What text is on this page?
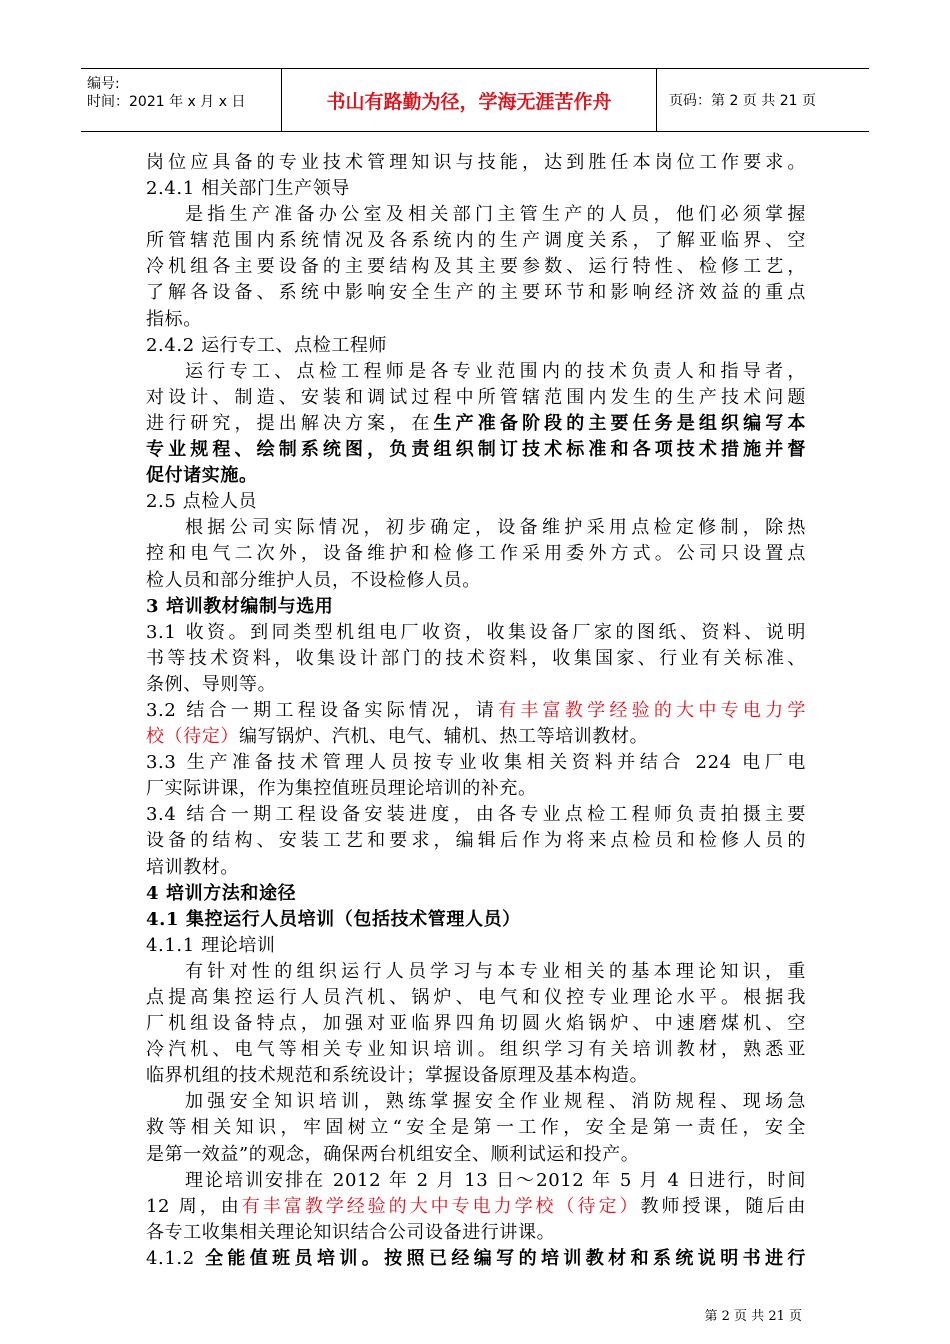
编号:
时间：2021 年 x 月 x 日	书山有路勤为径，学海无涯苦作舟	页码：第 2 页 共 21 页
岗位应具备的专业技术管理知识与技能，达到胜任本岗位工作要求。
2.4.1 相关部门生产领导
是指生产准备办公室及相关部门主管生产的人员，他们必须掌握
所管辖范围内系统情况及各系统内的生产调度关系，了解亚临界、空
冷机组各主要设备的主要结构及其主要参数、运行特性、检修工艺，
了解各设备、系统中影响安全生产的主要环节和影响经济效益的重点
指标。
2.4.2 运行专工、点检工程师
运行专工、点检工程师是各专业范围内的技术负责人和指导者，
对设计、制造、安装和调试过程中所管辖范围内发生的生产技术问题
进行研究，提出解决方案，在生产准备阶段的主要任务是组织编写本
专业规程、绘制系统图，负责组织制订技术标准和各项技术措施并督
促付诸实施。
2.5 点检人员
根据公司实际情况，初步确定，设备维护采用点检定修制，除热
控和电气二次外，设备维护和检修工作采用委外方式。公司只设置点
检人员和部分维护人员，不设检修人员。
3 培训教材编制与选用
3.1 收资。到同类型机组电厂收资，收集设备厂家的图纸、资料、说明
书等技术资料，收集设计部门的技术资料，收集国家、行业有关标准、
条例、导则等。
3.2 结合一期工程设备实际情况，请有丰富教学经验的大中专电力学
校（待定）编写锅炉、汽机、电气、辅机、热工等培训教材。
3.3 生产准备技术管理人员按专业收集相关资料并结合 224 电厂电
厂实际讲课，作为集控值班员理论培训的补充。
3.4 结合一期工程设备安装进度，由各专业点检工程师负责拍摄主要
设备的结构、安装工艺和要求，编辑后作为将来点检员和检修人员的
培训教材。
4 培训方法和途径
4.1 集控运行人员培训（包括技术管理人员）
4.1.1 理论培训
有针对性的组织运行人员学习与本专业相关的基本理论知识，重
点提高集控运行人员汽机、锅炉、电气和仪控专业理论水平。根据我
厂机组设备特点，加强对亚临界四角切圆火焰锅炉、中速磨煤机、空
冷汽机、电气等相关专业知识培训。组织学习有关培训教材，熟悉亚
临界机组的技术规范和系统设计；掌握设备原理及基本构造。
加强安全知识培训，熟练掌握安全作业规程、消防规程、现场急
救等相关知识，牢固树立“安全是第一工作，安全是第一责任，安全
是第一效益”的观念，确保两台机组安全、顺利试运和投产。
理论培训安排在 2012 年 2 月 13 日～2012 年 5 月 4 日进行，时间
12 周，由有丰富教学经验的大中专电力学校（待定）教师授课，随后由
各专工收集相关理论知识结合公司设备进行讲课。
4.1.2 全能值班员培训。按照已经编写的培训教材和系统说明书进行
第 2 页 共 21 页
